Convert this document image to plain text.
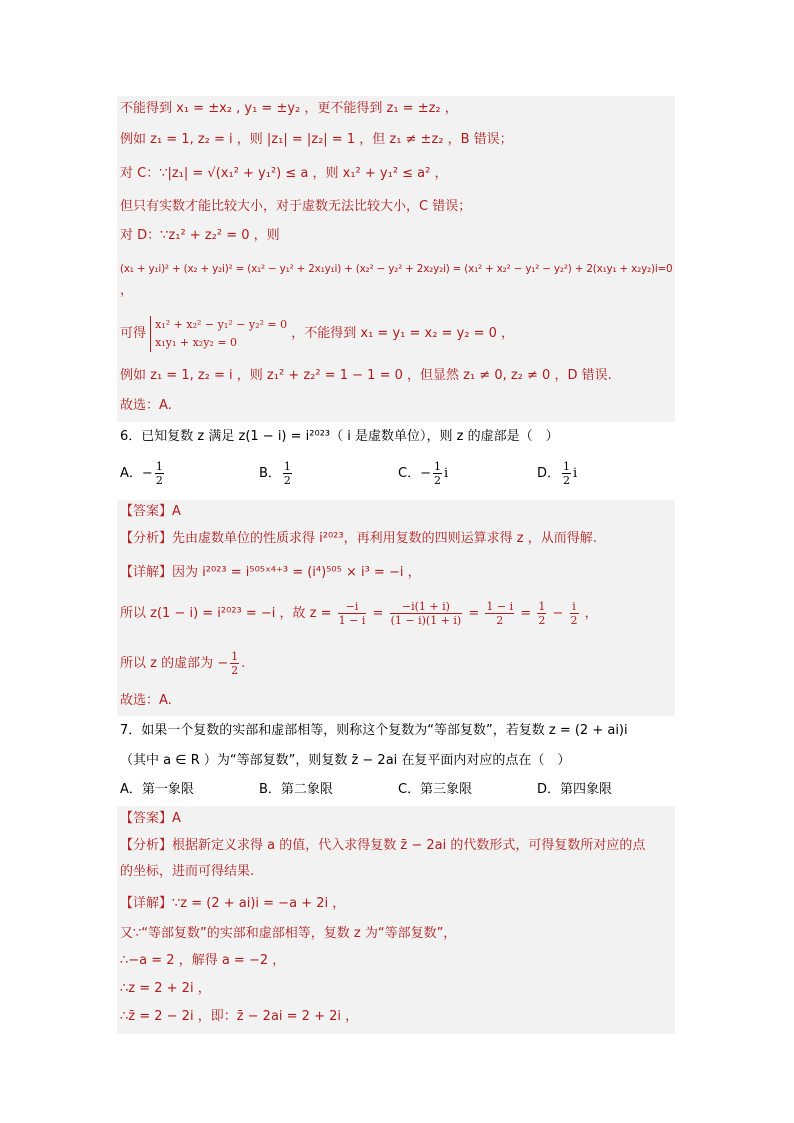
不能得到 x₁ = ±x₂ , y₁ = ±y₂ ，更不能得到 z₁ = ±z₂ ，
例如 z₁ = 1, z₂ = i ，则 |z₁| = |z₂| = 1 ，但 z₁ ≠ ±z₂ ，B 错误；
对 C：∵|z₁| = √(x₁² + y₁²) ≤ a ，则 x₁² + y₁² ≤ a² ，
但只有实数才能比较大小，对于虚数无法比较大小，C 错误；
对 D：∵z₁² + z₂² = 0 ，则
(x₁ + y₁i)² + (x₂ + y₂i)² = (x₁² − y₁² + 2x₁y₁i) + (x₂² − y₂² + 2x₂y₂i) = (x₁² + x₂² − y₁² − y₂²) + 2(x₁y₁ + x₂y₂)i=0
，
可得
x₁² + x₂² − y₁² − y₂² = 0
x₁y₁ + x₂y₂ = 0
，不能得到 x₁ = y₁ = x₂ = y₂ = 0 ，
例如 z₁ = 1, z₂ = i ，则 z₁² + z₂² = 1 − 1 = 0 ，但显然 z₁ ≠ 0, z₂ ≠ 0 ，D 错误.
故选：A.
6．已知复数 z 满足 z(1 − i) = i²⁰²³（ i 是虚数单位），则 z 的虚部是（　）
A．− $\frac{1}{2}$	B． $\frac{1}{2}$	C．− $\frac{1}{2}$ i	D． $\frac{1}{2}$ i
【答案】A
【分析】先由虚数单位的性质求得 i²⁰²³，再利用复数的四则运算求得 z ，从而得解.
【详解】因为 i²⁰²³ = i⁵⁰⁵ˣ⁴⁺³ = (i⁴)⁵⁰⁵ × i³ = −i ，
所以 z(1 − i) = i²⁰²³ = −i ，故 $z = \frac{-i}{1 - i} = \frac{-i(1 + i)}{(1 - i)(1 + i)} = \frac{1 - i}{2} = \frac{1}{2} - \frac{i}{2}$ ，
所以 z 的虚部为 − $\frac{1}{2}$ .
故选：A.
7．如果一个复数的实部和虚部相等，则称这个复数为“等部复数”，若复数 z = (2 + ai)i
（其中 a ∈ R ）为“等部复数”，则复数 z̄ − 2ai 在复平面内对应的点在（　）
A．第一象限	B．第二象限	C．第三象限	D．第四象限
【答案】A
【分析】根据新定义求得 a 的值，代入求得复数 z̄ − 2ai 的代数形式，可得复数所对应的点
的坐标，进而可得结果.
【详解】∵z = (2 + ai)i = −a + 2i ，
又∵“等部复数”的实部和虚部相等，复数 z 为“等部复数”，
∴−a = 2 ，解得 a = −2 ，
∴z = 2 + 2i ，
∴z̄ = 2 − 2i ，即：z̄ − 2ai = 2 + 2i ，
